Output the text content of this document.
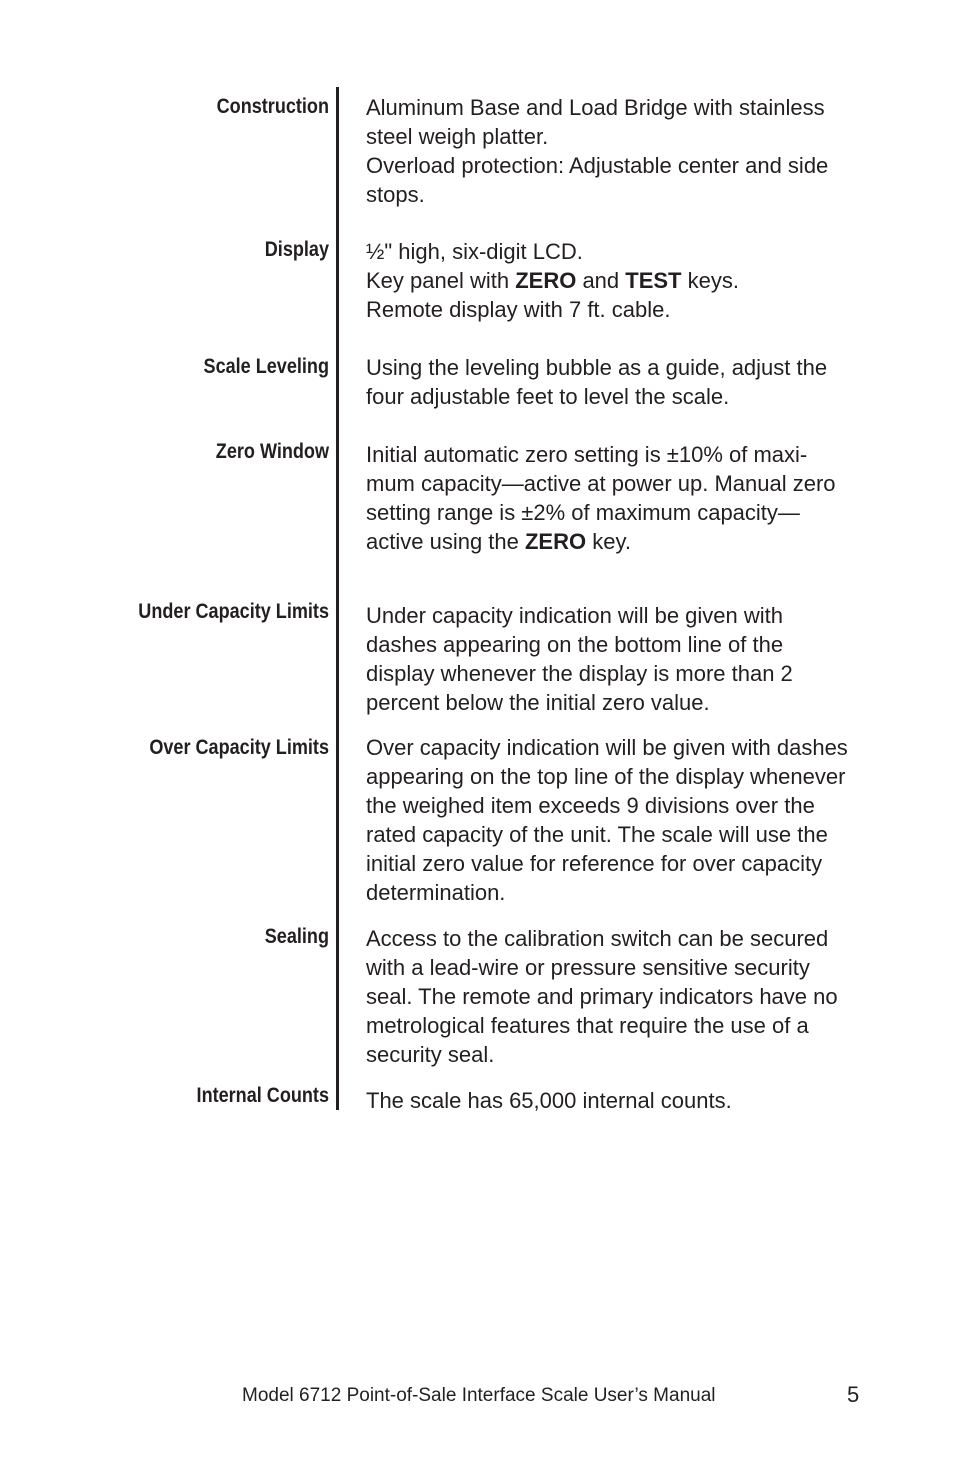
Construction Aluminum Base and Load Bridge with stainless
steel weigh platter.
Overload protection: Adjustable center and side
stops.
Display ½" high, six-digit LCD.
Key panel with ZERO and TEST keys.
Remote display with 7 ft. cable.
Scale Leveling Using the leveling bubble as a guide, adjust the
four adjustable feet to level the scale.
Zero Window Initial automatic zero setting is ±10% of maxi-
mum capacity—active at power up. Manual zero
setting range is ±2% of maximum capacity—
active using the ZERO key.
Under Capacity Limits Under capacity indication will be given with
dashes appearing on the bottom line of the
display whenever the display is more than 2
percent below the initial zero value.
Over Capacity Limits Over capacity indication will be given with dashes
appearing on the top line of the display whenever
the weighed item exceeds 9 divisions over the
rated capacity of the unit. The scale will use the
initial zero value for reference for over capacity
determination.
Sealing Access to the calibration switch can be secured
with a lead-wire or pressure sensitive security
seal. The remote and primary indicators have no
metrological features that require the use of a
security seal.
Internal Counts The scale has 65,000 internal counts.
Model 6712 Point-of-Sale Interface Scale User’s Manual	5
